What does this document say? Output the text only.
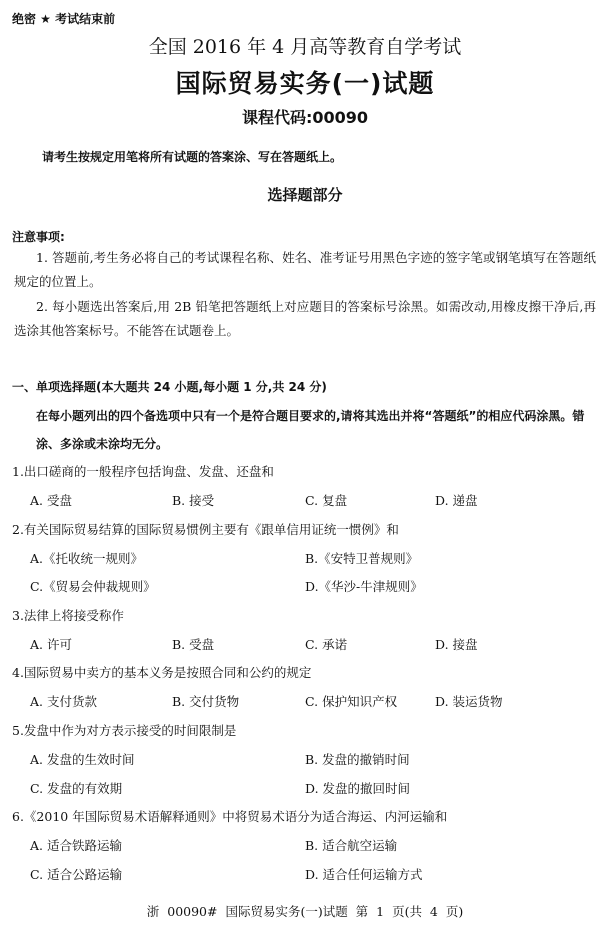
绝密 ★ 考试结束前
全国 2016 年 4 月高等教育自学考试
国际贸易实务(一)试题
课程代码:00090
请考生按规定用笔将所有试题的答案涂、写在答题纸上。
选择题部分
注意事项:
1. 答题前,考生务必将自己的考试课程名称、姓名、准考证号用黑色字迹的签字笔或钢笔填写在答题纸规定的位置上。
2. 每小题选出答案后,用 2B 铅笔把答题纸上对应题目的答案标号涂黑。如需改动,用橡皮擦干净后,再选涂其他答案标号。不能答在试题卷上。
一、单项选择题(本大题共 24 小题,每小题 1 分,共 24 分)
在每小题列出的四个备选项中只有一个是符合题目要求的,请将其选出并将“答题纸”的相应代码涂黑。错涂、多涂或未涂均无分。
1.出口磋商的一般程序包括询盘、发盘、还盘和
A. 受盘	B. 接受	C. 复盘	D. 递盘
2.有关国际贸易结算的国际贸易惯例主要有《跟单信用证统一惯例》和
A.《托收统一规则》	B.《安特卫普规则》
C.《贸易会仲裁规则》	D.《华沙-牛津规则》
3.法律上将接受称作
A. 许可	B. 受盘	C. 承诺	D. 接盘
4.国际贸易中卖方的基本义务是按照合同和公约的规定
A. 支付货款	B. 交付货物	C. 保护知识产权	D. 装运货物
5.发盘中作为对方表示接受的时间限制是
A. 发盘的生效时间	B. 发盘的撤销时间
C. 发盘的有效期	D. 发盘的撤回时间
6.《2010 年国际贸易术语解释通则》中将贸易术语分为适合海运、内河运输和
A. 适合铁路运输	B. 适合航空运输
C. 适合公路运输	D. 适合任何运输方式
浙 00090# 国际贸易实务(一)试题 第 1 页(共 4 页)
